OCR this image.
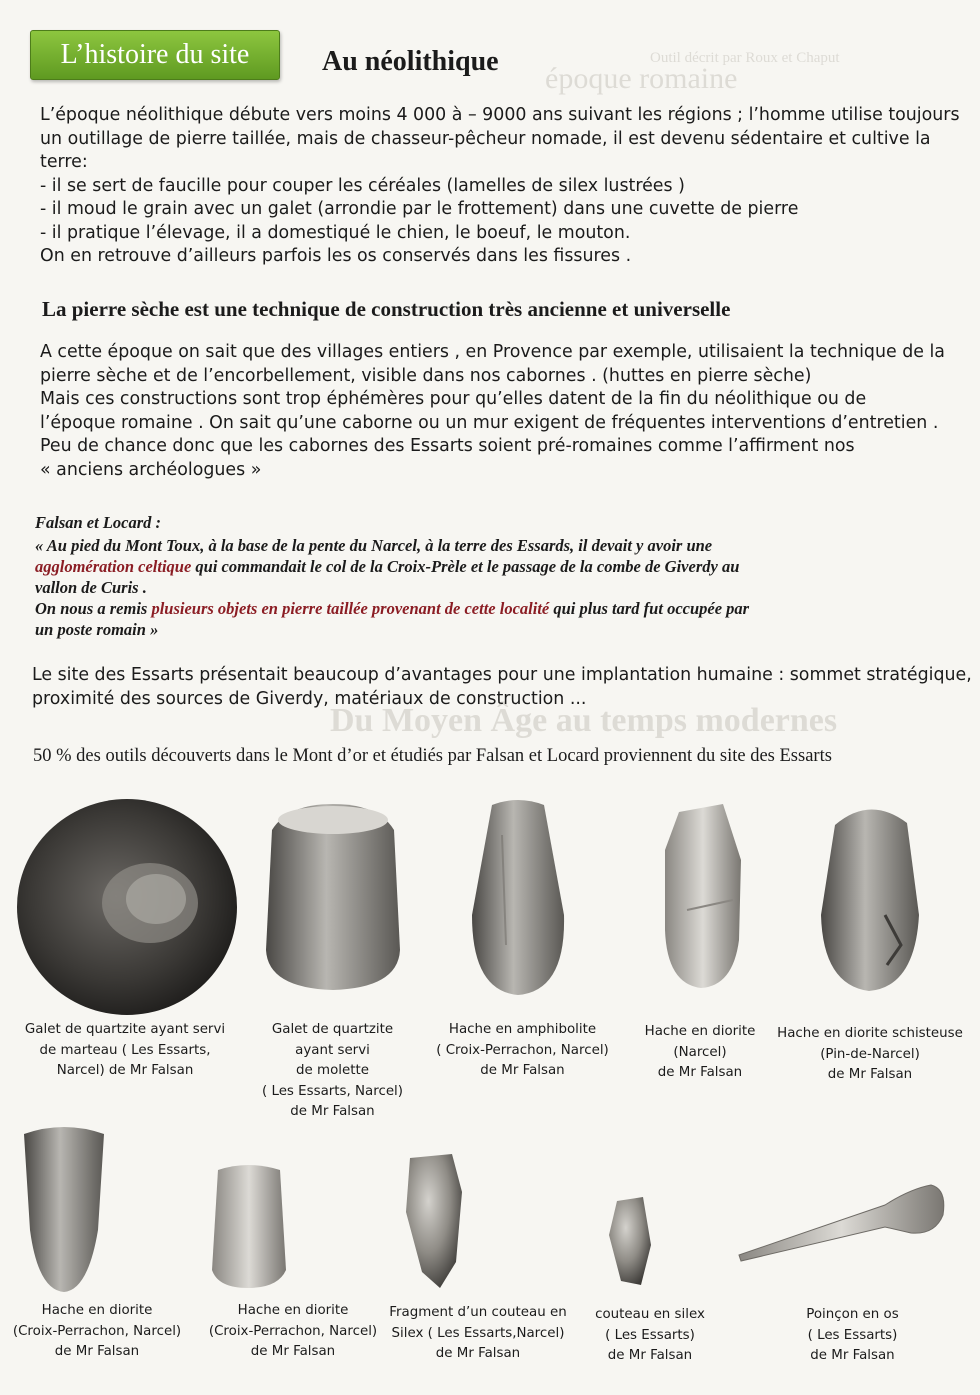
Outil décrit par Roux et Chaput
époque romaine
Du Moyen Âge au temps modernes
L’histoire du site	Au néolithique

L’époque néolithique débute vers moins 4 000 à – 9000 ans suivant les régions ; l’homme utilise toujours

un outillage de pierre taillée, mais de chasseur-pêcheur nomade, il est devenu sédentaire et cultive la

terre:

- il se sert de faucille pour couper les céréales (lamelles de silex lustrées )

- il moud le grain avec un galet (arrondie par le frottement) dans une cuvette de pierre

- il pratique l’élevage, il a domestiqué le chien, le boeuf, le mouton.

On en retrouve d’ailleurs parfois les os conservés dans les fissures .

La pierre sèche est une technique de construction très ancienne et universelle

A cette époque on sait que des villages entiers , en Provence par exemple, utilisaient la technique de la

pierre sèche et de l’encorbellement, visible dans nos cabornes . (huttes en pierre sèche)

Mais ces constructions sont trop éphémères pour qu’elles datent de la fin du néolithique ou de

l’époque romaine . On sait qu’une caborne ou un mur exigent de fréquentes interventions d’entretien .

Peu de chance donc que les cabornes des Essarts soient pré-romaines comme l’affirment nos

« anciens archéologues »

Falsan et Locard :
« Au pied du Mont Toux, à la base de la pente du Narcel, à la terre des Essards, il devait y avoir une
agglomération celtique qui commandait le col de la Croix-Prèle et le passage de la combe de Giverdy au
vallon de Curis .
On nous a remis plusieurs objets en pierre taillée provenant de cette localité qui plus tard fut occupée par
un poste romain »

Le site des Essarts présentait beaucoup d’avantages pour une implantation humaine : sommet stratégique,

proximité des sources de Giverdy, matériaux de construction ...

50 % des outils découverts dans le Mont d’or et étudiés par Falsan et Locard proviennent du site des Essarts
Galet de quartzite ayant servi
de marteau ( Les Essarts,
Narcel) de Mr Falsan
Galet de quartzite
ayant servi
de molette
( Les Essarts, Narcel)
de Mr Falsan
Hache en amphibolite
( Croix-Perrachon, Narcel)
de Mr Falsan
Hache en diorite
(Narcel)
de Mr Falsan
Hache en diorite schisteuse
(Pin-de-Narcel)
de Mr Falsan
Hache en diorite
(Croix-Perrachon, Narcel)
de Mr Falsan
Hache en diorite
(Croix-Perrachon, Narcel)
de Mr Falsan
Fragment d’un couteau en
Silex ( Les Essarts,Narcel)
de Mr Falsan
couteau en silex
( Les Essarts)
de Mr Falsan
Poinçon en os
( Les Essarts)
de Mr Falsan
